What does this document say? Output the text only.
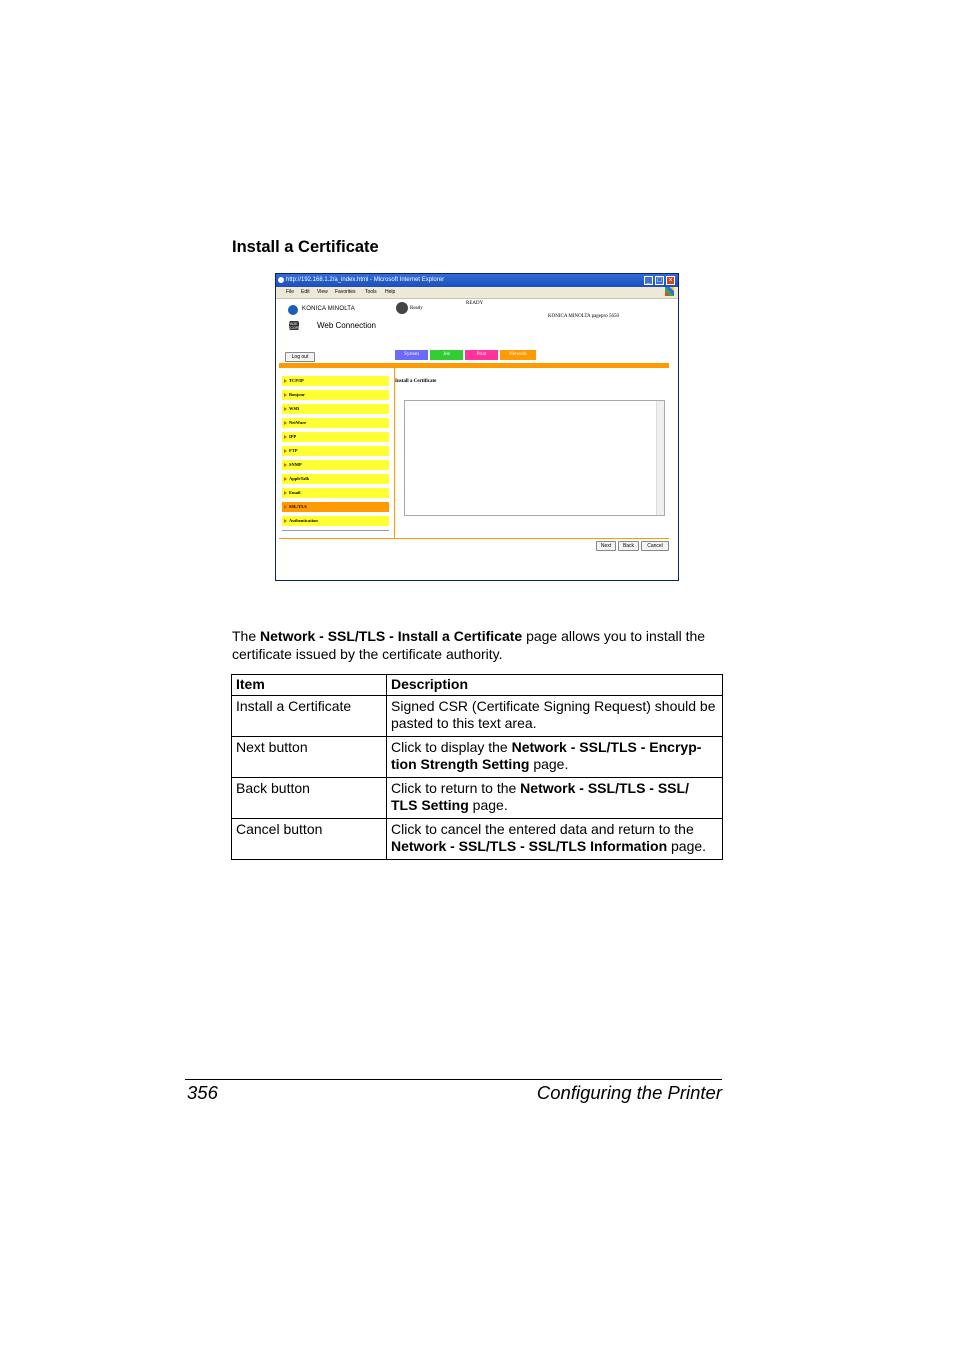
Install a Certificate
http://192.168.1.2/a_index.html - Microsoft Internet Explorer	_ □ ×
File Edit View Favorites Tools Help
KONICA MINOLTA
PAGE SCOPE Web Connection
Ready
READY
KONICA MINOLTA pagepro 5650
Log out	System	Job	Print	Network
TCP/IP
Bonjour
WSD
NetWare
IPP
FTP
SNMP
AppleTalk
Email
SSL/TLS
Authentication
Install a Certificate
Next	Back	Cancel
The Network - SSL/TLS - Install a Certificate page allows you to install the certificate issued by the certificate authority.
Item	Description
Install a Certificate	Signed CSR (Certificate Signing Request) should be pasted to this text area.
Next button	Click to display the Network - SSL/TLS - Encryp-tion Strength Setting page.
Back button	Click to return to the Network - SSL/TLS - SSL/ TLS Setting page.
Cancel button	Click to cancel the entered data and return to the Network - SSL/TLS - SSL/TLS Information page.
356	Configuring the Printer
